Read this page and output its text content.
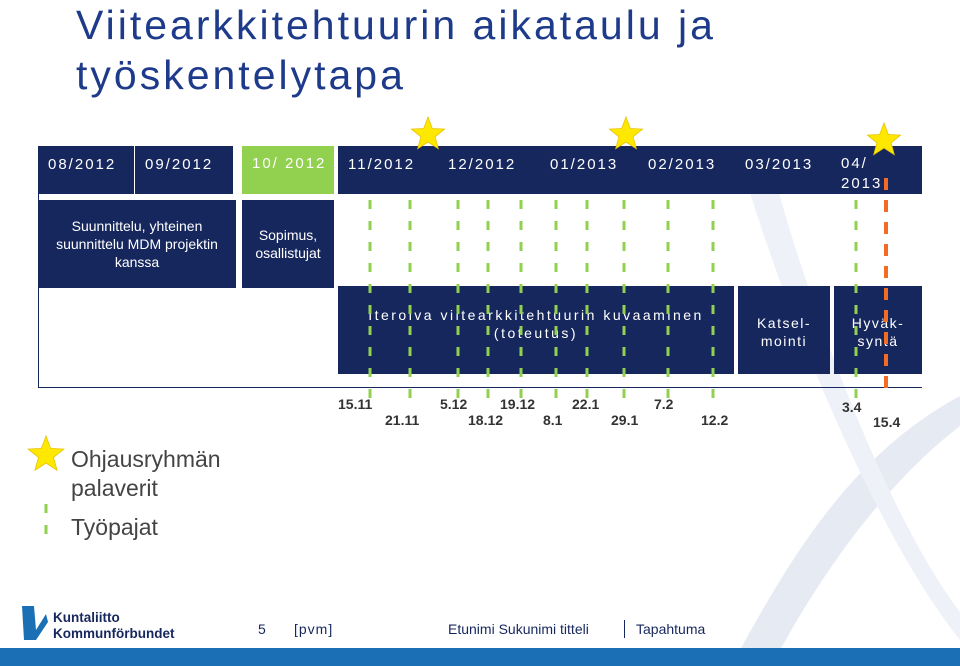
Viitearkkitehtuurin aikataulu ja työskentelytapa
08/2012	09/2012	10/ 2012	11/2012 12/2012 01/2013 02/2013 03/2013 04/ 2013
Suunnittelu, yhteinen suunnittelu MDM projektin kanssa
Sopimus, osallistujat
Iteroiva viitearkkitehtuurin kuvaaminen (toteutus)
Katsel- mointi
Hyväk- syntä
15.11
21.11
5.12
18.12
19.12
8.1
22.1
29.1
7.2
12.2
3.4
15.4
Ohjausryhmän palaverit
Työpajat
Kuntaliitto
Kommunförbundet	5 [pvm]	Etunimi Sukunimi titteli	Tapahtuma
